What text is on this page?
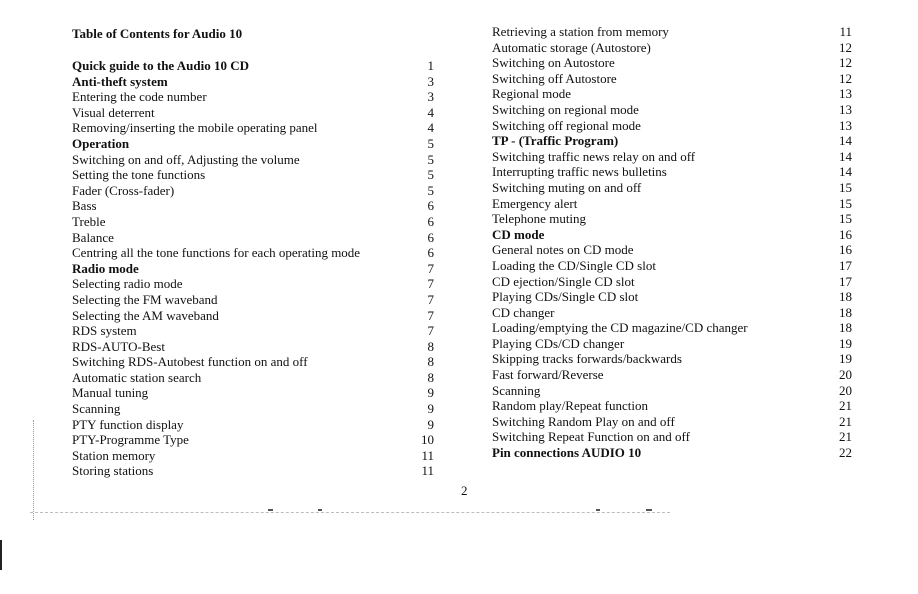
Table of Contents for Audio 10
Quick guide to the Audio 10 CD	1
Anti-theft system	3
Entering the code number	3
Visual deterrent	4
Removing/inserting the mobile operating panel	4
Operation	5
Switching on and off, Adjusting the volume	5
Setting the tone functions	5
Fader (Cross-fader)	5
Bass	6
Treble	6
Balance	6
Centring all the tone functions for each operating mode	6
Radio mode	7
Selecting radio mode	7
Selecting the FM waveband	7
Selecting the AM waveband	7
RDS system	7
RDS-AUTO-Best	8
Switching RDS-Autobest function on and off	8
Automatic station search	8
Manual tuning	9
Scanning	9
PTY function display	9
PTY-Programme Type	10
Station memory	11
Storing stations	11
Retrieving a station from memory	11
Automatic storage (Autostore)	12
Switching on Autostore	12
Switching off Autostore	12
Regional mode	13
Switching on regional mode	13
Switching off regional mode	13
TP - (Traffic Program)	14
Switching traffic news relay on and off	14
Interrupting traffic news bulletins	14
Switching muting on and off	15
Emergency alert	15
Telephone muting	15
CD mode	16
General notes on CD mode	16
Loading the CD/Single CD slot	17
CD ejection/Single CD slot	17
Playing CDs/Single CD slot	18
CD changer	18
Loading/emptying the CD magazine/CD changer	18
Playing CDs/CD changer	19
Skipping tracks forwards/backwards	19
Fast forward/Reverse	20
Scanning	20
Random play/Repeat function	21
Switching Random Play on and off	21
Switching Repeat Function on and off	21
Pin connections AUDIO 10	22
2
